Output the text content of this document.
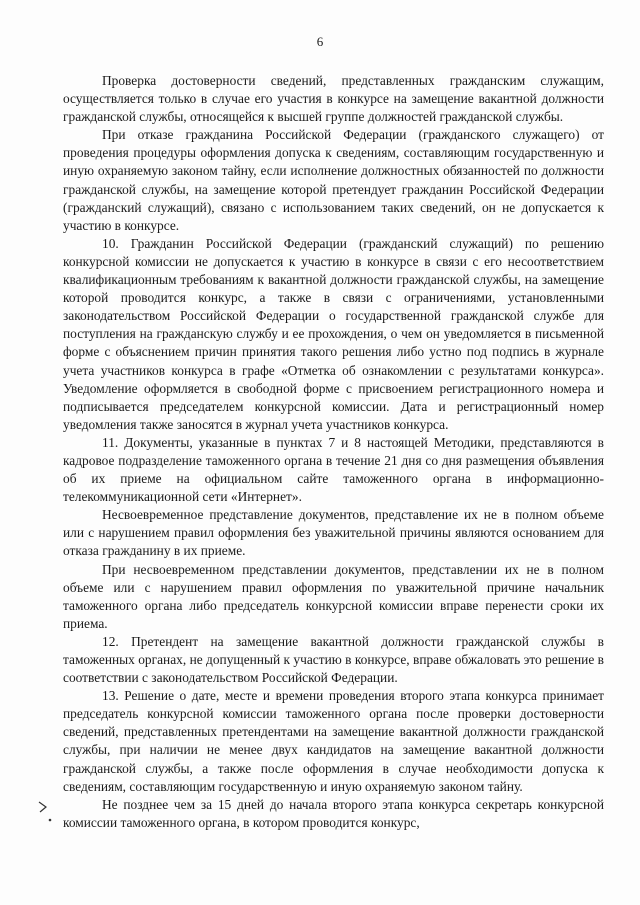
6

Проверка достоверности сведений, представленных гражданским служащим, осуществляется только в случае его участия в конкурсе на замещение вакантной должности гражданской службы, относящейся к высшей группе должностей гражданской службы.

При отказе гражданина Российской Федерации (гражданского служащего) от проведения процедуры оформления допуска к сведениям, составляющим государственную и иную охраняемую законом тайну, если исполнение должностных обязанностей по должности гражданской службы, на замещение которой претендует гражданин Российской Федерации (гражданский служащий), связано с использованием таких сведений, он не допускается к участию в конкурсе.

10. Гражданин Российской Федерации (гражданский служащий) по решению конкурсной комиссии не допускается к участию в конкурсе в связи с его несоответствием квалификационным требованиям к вакантной должности гражданской службы, на замещение которой проводится конкурс, а также в связи с ограничениями, установленными законодательством Российской Федерации о государственной гражданской службе для поступления на гражданскую службу и ее прохождения, о чем он уведомляется в письменной форме с объяснением причин принятия такого решения либо устно под подпись в журнале учета участников конкурса в графе «Отметка об ознакомлении с результатами конкурса». Уведомление оформляется в свободной форме с присвоением регистрационного номера и подписывается председателем конкурсной комиссии. Дата и регистрационный номер уведомления также заносятся в журнал учета участников конкурса.

11. Документы, указанные в пунктах 7 и 8 настоящей Методики, представляются в кадровое подразделение таможенного органа в течение 21 дня со дня размещения объявления об их приеме на официальном сайте таможенного органа в информационно-телекоммуникационной сети «Интернет».

Несвоевременное представление документов, представление их не в полном объеме или с нарушением правил оформления без уважительной причины являются основанием для отказа гражданину в их приеме.

При несвоевременном представлении документов, представлении их не в полном объеме или с нарушением правил оформления по уважительной причине начальник таможенного органа либо председатель конкурсной комиссии вправе перенести сроки их приема.

12. Претендент на замещение вакантной должности гражданской службы в таможенных органах, не допущенный к участию в конкурсе, вправе обжаловать это решение в соответствии с законодательством Российской Федерации.

13. Решение о дате, месте и времени проведения второго этапа конкурса принимает председатель конкурсной комиссии таможенного органа после проверки достоверности сведений, представленных претендентами на замещение вакантной должности гражданской службы, при наличии не менее двух кандидатов на замещение вакантной должности гражданской службы, а также после оформления в случае необходимости допуска к сведениям, составляющим государственную и иную охраняемую законом тайну.

Не позднее чем за 15 дней до начала второго этапа конкурса секретарь конкурсной комиссии таможенного органа, в котором проводится конкурс,
